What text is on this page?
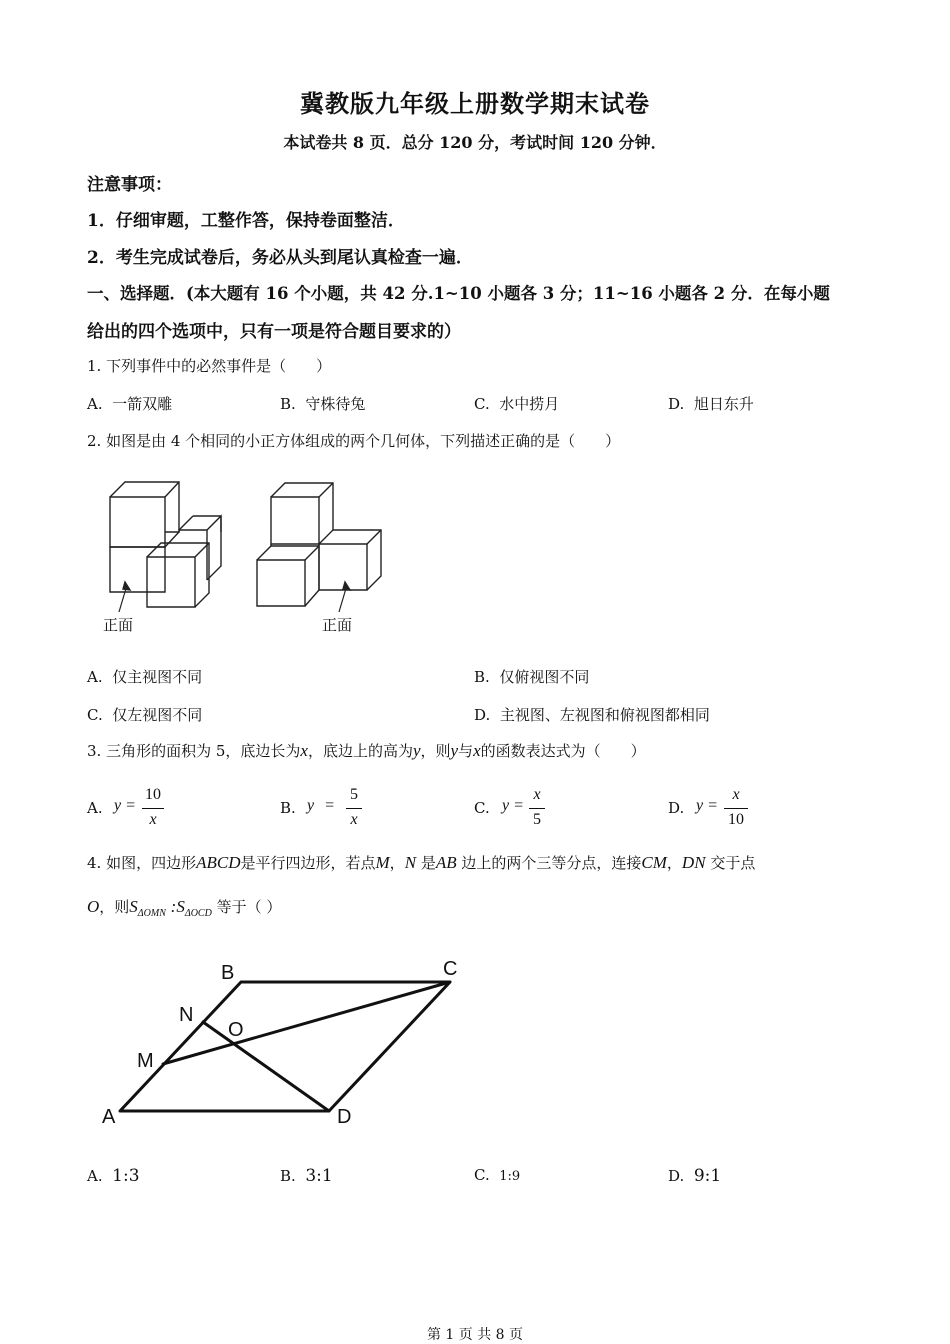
冀教版九年级上册数学期末试卷
本试卷共 8 页．总分 120 分，考试时间 120 分钟．
注意事项：
1．仔细审题，工整作答，保持卷面整洁．
2．考生完成试卷后，务必从头到尾认真检查一遍．
一、选择题．(本大题有 16 个小题，共 42 分.1~10 小题各 3 分；11~16 小题各 2 分．在每小题
给出的四个选项中，只有一项是符合题目要求的）
1. 下列事件中的必然事件是（　　）
A. 一箭双雕	B. 守株待兔	C. 水中捞月	D. 旭日东升
2. 如图是由 4 个相同的小正方体组成的两个几何体，下列描述正确的是（　　）
正面	正面
A. 仅主视图不同	B. 仅俯视图不同
C. 仅左视图不同	D. 主视图、左视图和俯视图都相同
3. 三角形的面积为 5，底边长为x，底边上的高为y，则y与x的函数表达式为（　　）
A. y =
10
x
B. y =
5
x
C. y =
x
5
D. y =
x
10
4. 如图，四边形ABCD是平行四边形，若点M，N 是AB 边上的两个三等分点，连接CM，DN 交于点
O，则$S_{\Delta OMN}$ $:S_{\Delta OCD}$ 等于（ ）
B	C
N
O
M
A	D
A. 1:3	B. 3:1	C. 1:9	D. 9:1
第 1 页 共 8 页
